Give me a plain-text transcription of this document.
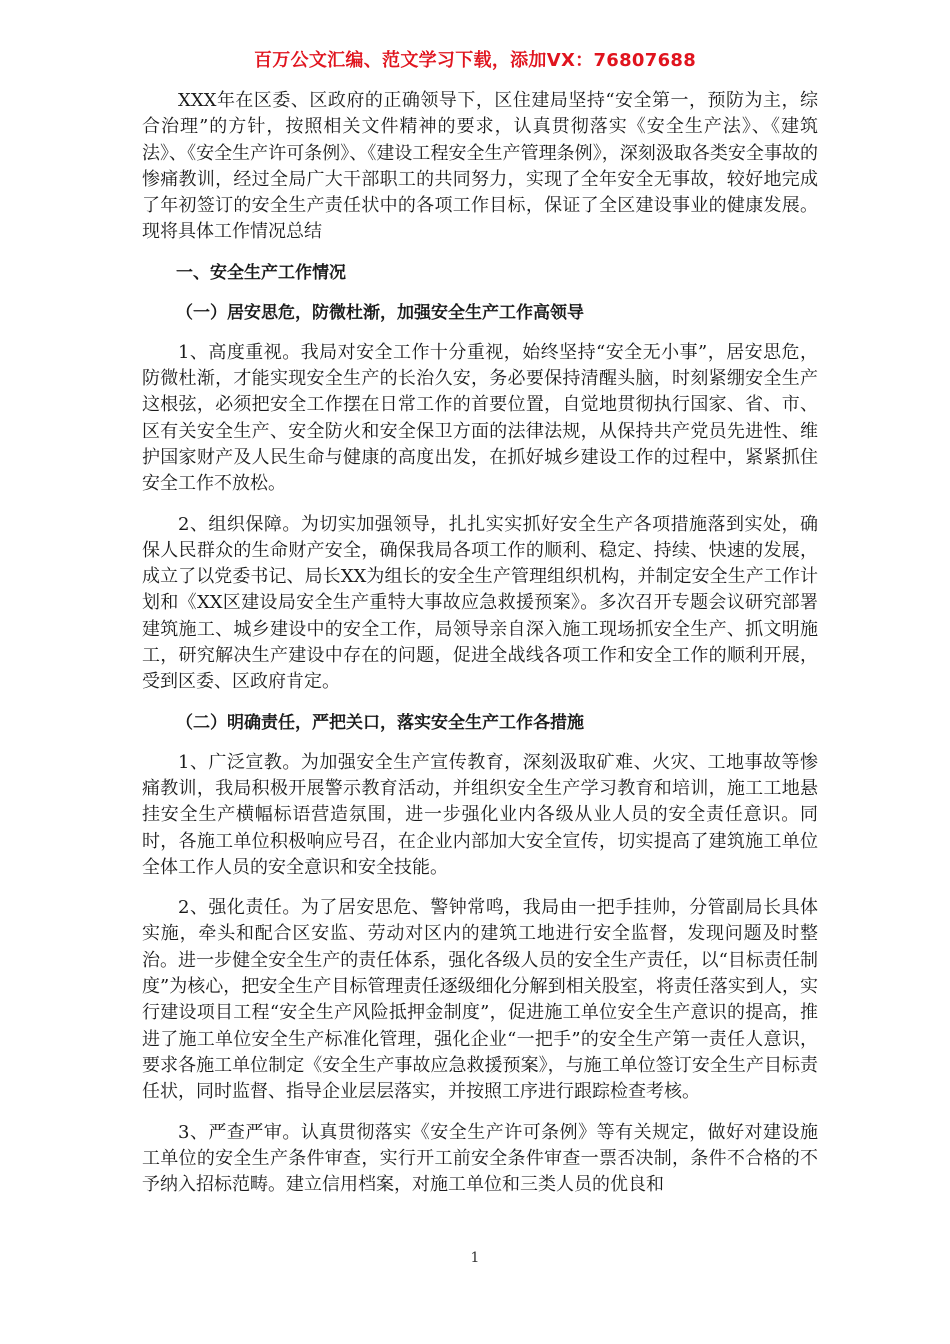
百万公文汇编、范文学习下载，添加VX：76807688

XXX年在区委、区政府的正确领导下，区住建局坚持“安全第一，预防为主，综合治理”的方针，按照相关文件精神的要求，认真贯彻落实《安全生产法》、《建筑法》、《安全生产许可条例》、《建设工程安全生产管理条例》，深刻汲取各类安全事故的惨痛教训，经过全局广大干部职工的共同努力，实现了全年安全无事故，较好地完成了年初签订的安全生产责任状中的各项工作目标，保证了全区建设事业的健康发展。现将具体工作情况总结

一、安全生产工作情况
（一）居安思危，防微杜渐，加强安全生产工作高领导

1、高度重视。我局对安全工作十分重视，始终坚持“安全无小事”，居安思危，防微杜渐，才能实现安全生产的长治久安，务必要保持清醒头脑，时刻紧绷安全生产这根弦，必须把安全工作摆在日常工作的首要位置，自觉地贯彻执行国家、省、市、区有关安全生产、安全防火和安全保卫方面的法律法规，从保持共产党员先进性、维护国家财产及人民生命与健康的高度出发，在抓好城乡建设工作的过程中，紧紧抓住安全工作不放松。

2、组织保障。为切实加强领导，扎扎实实抓好安全生产各项措施落到实处，确保人民群众的生命财产安全，确保我局各项工作的顺利、稳定、持续、快速的发展，成立了以党委书记、局长XX为组长的安全生产管理组织机构，并制定安全生产工作计划和《XX区建设局安全生产重特大事故应急救援预案》。多次召开专题会议研究部署建筑施工、城乡建设中的安全工作，局领导亲自深入施工现场抓安全生产、抓文明施工，研究解决生产建设中存在的问题，促进全战线各项工作和安全工作的顺利开展，受到区委、区政府肯定。

（二）明确责任，严把关口，落实安全生产工作各措施

1、广泛宣教。为加强安全生产宣传教育，深刻汲取矿难、火灾、工地事故等惨痛教训，我局积极开展警示教育活动，并组织安全生产学习教育和培训，施工工地悬挂安全生产横幅标语营造氛围，进一步强化业内各级从业人员的安全责任意识。同时，各施工单位积极响应号召，在企业内部加大安全宣传，切实提高了建筑施工单位全体工作人员的安全意识和安全技能。

2、强化责任。为了居安思危、警钟常鸣，我局由一把手挂帅，分管副局长具体实施，牵头和配合区安监、劳动对区内的建筑工地进行安全监督，发现问题及时整治。进一步健全安全生产的责任体系，强化各级人员的安全生产责任，以“目标责任制度”为核心，把安全生产目标管理责任逐级细化分解到相关股室，将责任落实到人，实行建设项目工程“安全生产风险抵押金制度”，促进施工单位安全生产意识的提高，推进了施工单位安全生产标准化管理，强化企业“一把手”的安全生产第一责任人意识，要求各施工单位制定《安全生产事故应急救援预案》，与施工单位签订安全生产目标责任状，同时监督、指导企业层层落实，并按照工序进行跟踪检查考核。

3、严查严审。认真贯彻落实《安全生产许可条例》等有关规定，做好对建设施工单位的安全生产条件审查，实行开工前安全条件审查一票否决制，条件不合格的不予纳入招标范畴。建立信用档案，对施工单位和三类人员的优良和

1
